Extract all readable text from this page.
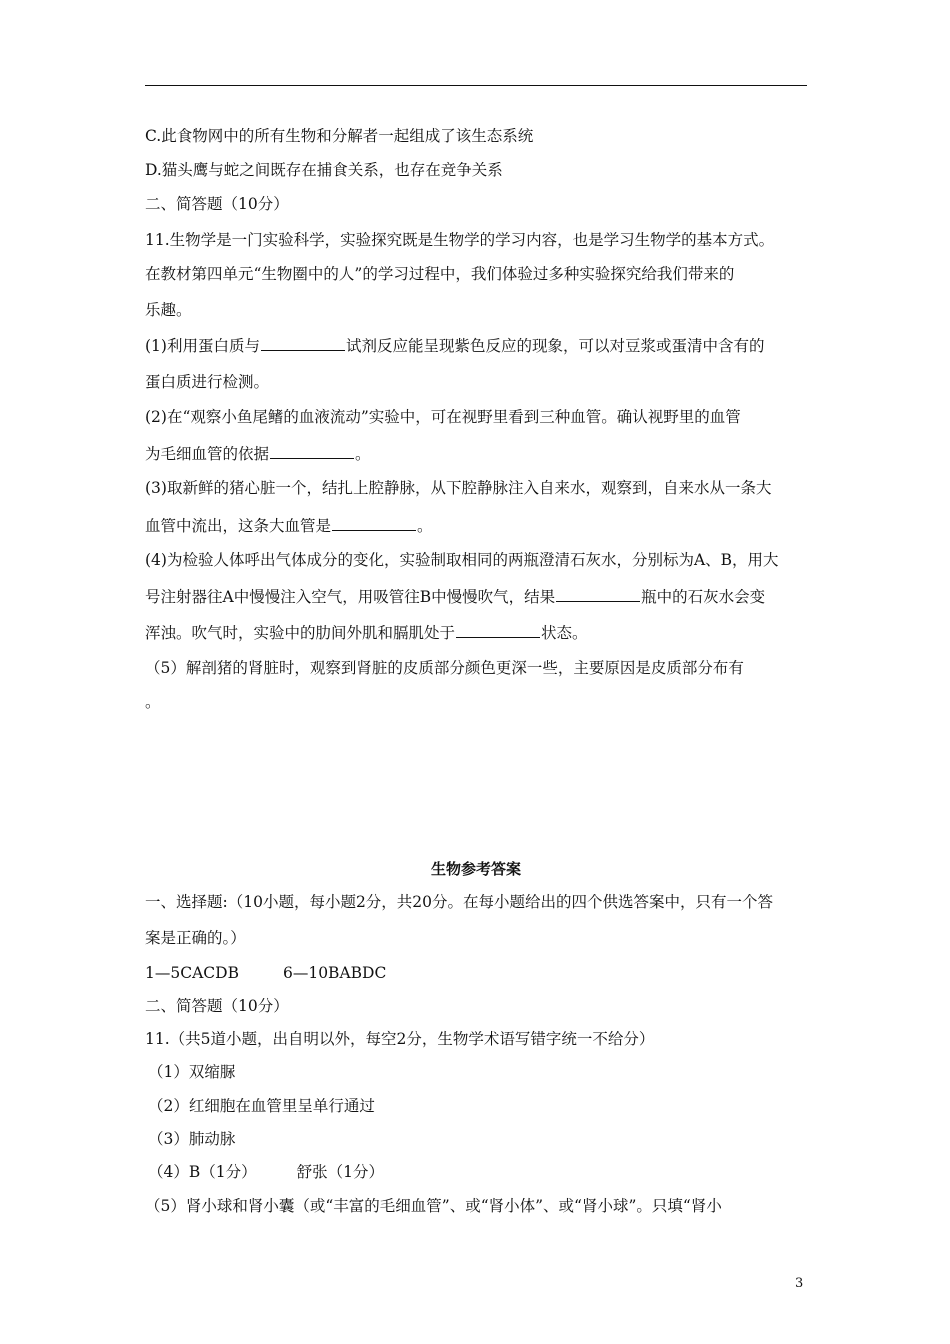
C.此食物网中的所有生物和分解者一起组成了该生态系统
D.猫头鹰与蛇之间既存在捕食关系，也存在竞争关系
二、简答题（10分）
11.生物学是一门实验科学，实验探究既是生物学的学习内容，也是学习生物学的基本方式。
在教材第四单元“生物圈中的人”的学习过程中，我们体验过多种实验探究给我们带来的
乐趣。
(1)利用蛋白质与	试剂反应能呈现紫色反应的现象，可以对豆浆或蛋清中含有的
蛋白质进行检测。
(2)在“观察小鱼尾鳍的血液流动”实验中，可在视野里看到三种血管。确认视野里的血管
为毛细血管的依据	。
(3)取新鲜的猪心脏一个，结扎上腔静脉，从下腔静脉注入自来水，观察到，自来水从一条大
血管中流出，这条大血管是	。
(4)为检验人体呼出气体成分的变化，实验制取相同的两瓶澄清石灰水，分别标为A、B，用大
号注射器往A中慢慢注入空气，用吸管往B中慢慢吹气，结果	瓶中的石灰水会变
浑浊。吹气时，实验中的肋间外肌和膈肌处于	状态。
（5）解剖猪的肾脏时，观察到肾脏的皮质部分颜色更深一些，主要原因是皮质部分布有
。
生物参考答案
一、选择题:（10小题，每小题2分，共20分。在每小题给出的四个供选答案中，只有一个答
案是正确的。）
1—5CACDB	6—10BABDC
二、简答题（10分）
11.（共5道小题，出自明以外，每空2分，生物学术语写错字统一不给分）
（1）双缩脲
（2）红细胞在血管里呈单行通过
（3）肺动脉
（4）B（1分）	舒张（1分）
（5）肾小球和肾小囊（或“丰富的毛细血管”、或“肾小体”、或“肾小球”。只填“肾小
3
